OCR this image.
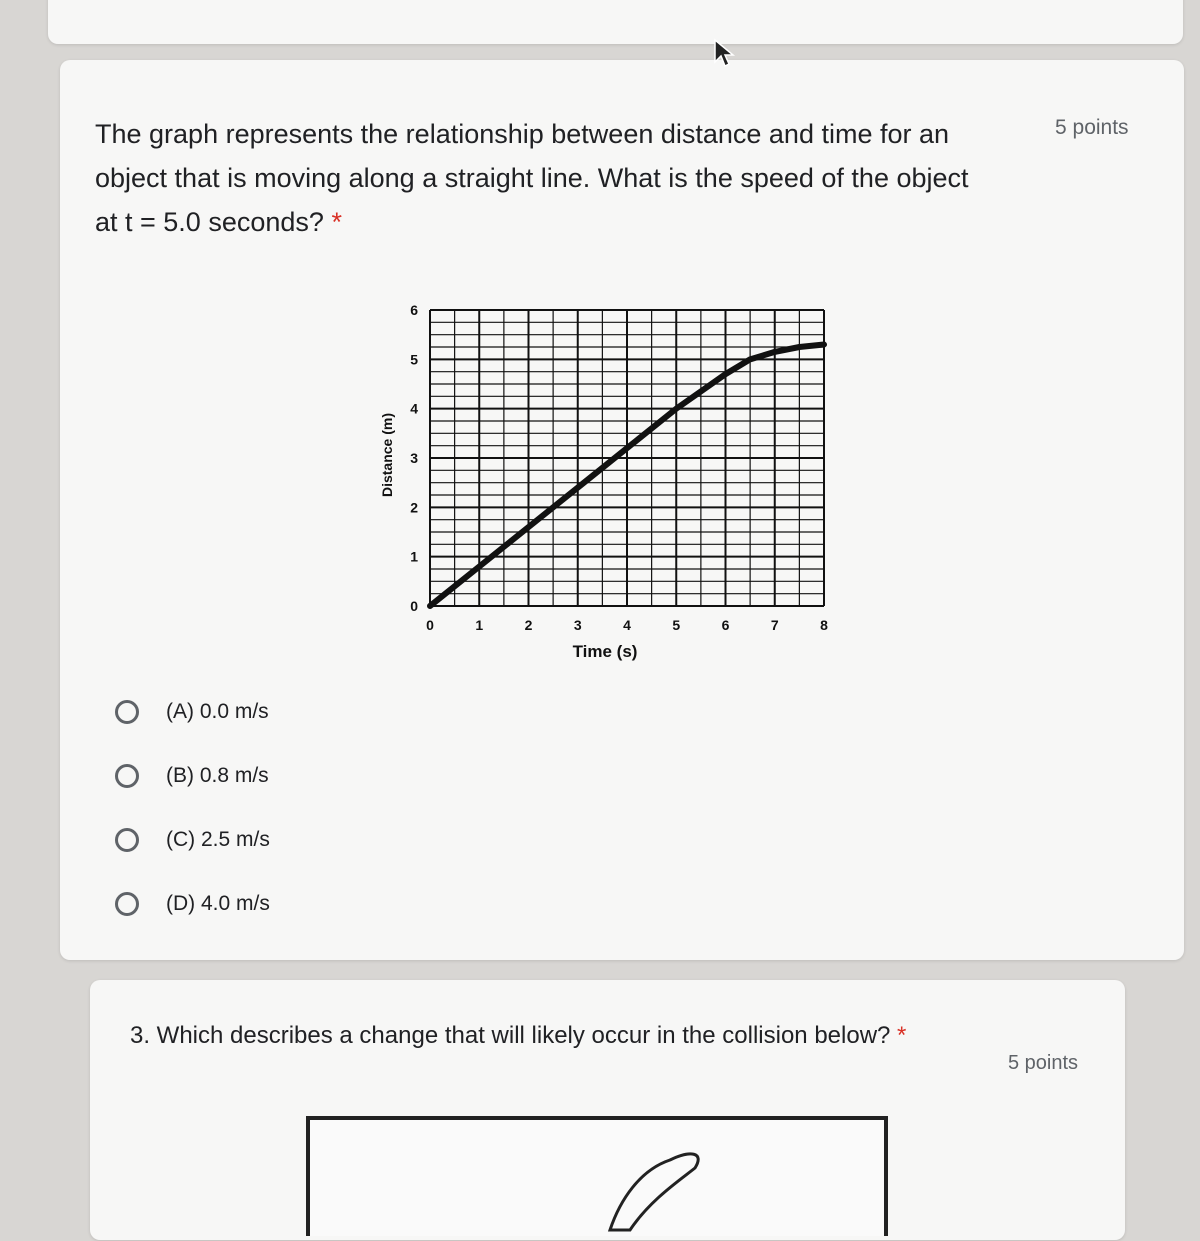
The graph represents the relationship between distance and time for an
object that is moving along a straight line. What is the speed of the object
at t = 5.0 seconds? *
5 points
0	1	2	3	4	5	6	7	8
0
1
2
3
4
5
6
Time (s)
Distance (m)
(A) 0.0 m/s
(B) 0.8 m/s
(C) 2.5 m/s
(D) 4.0 m/s
3. Which describes a change that will likely occur in the collision below? *
5 points
